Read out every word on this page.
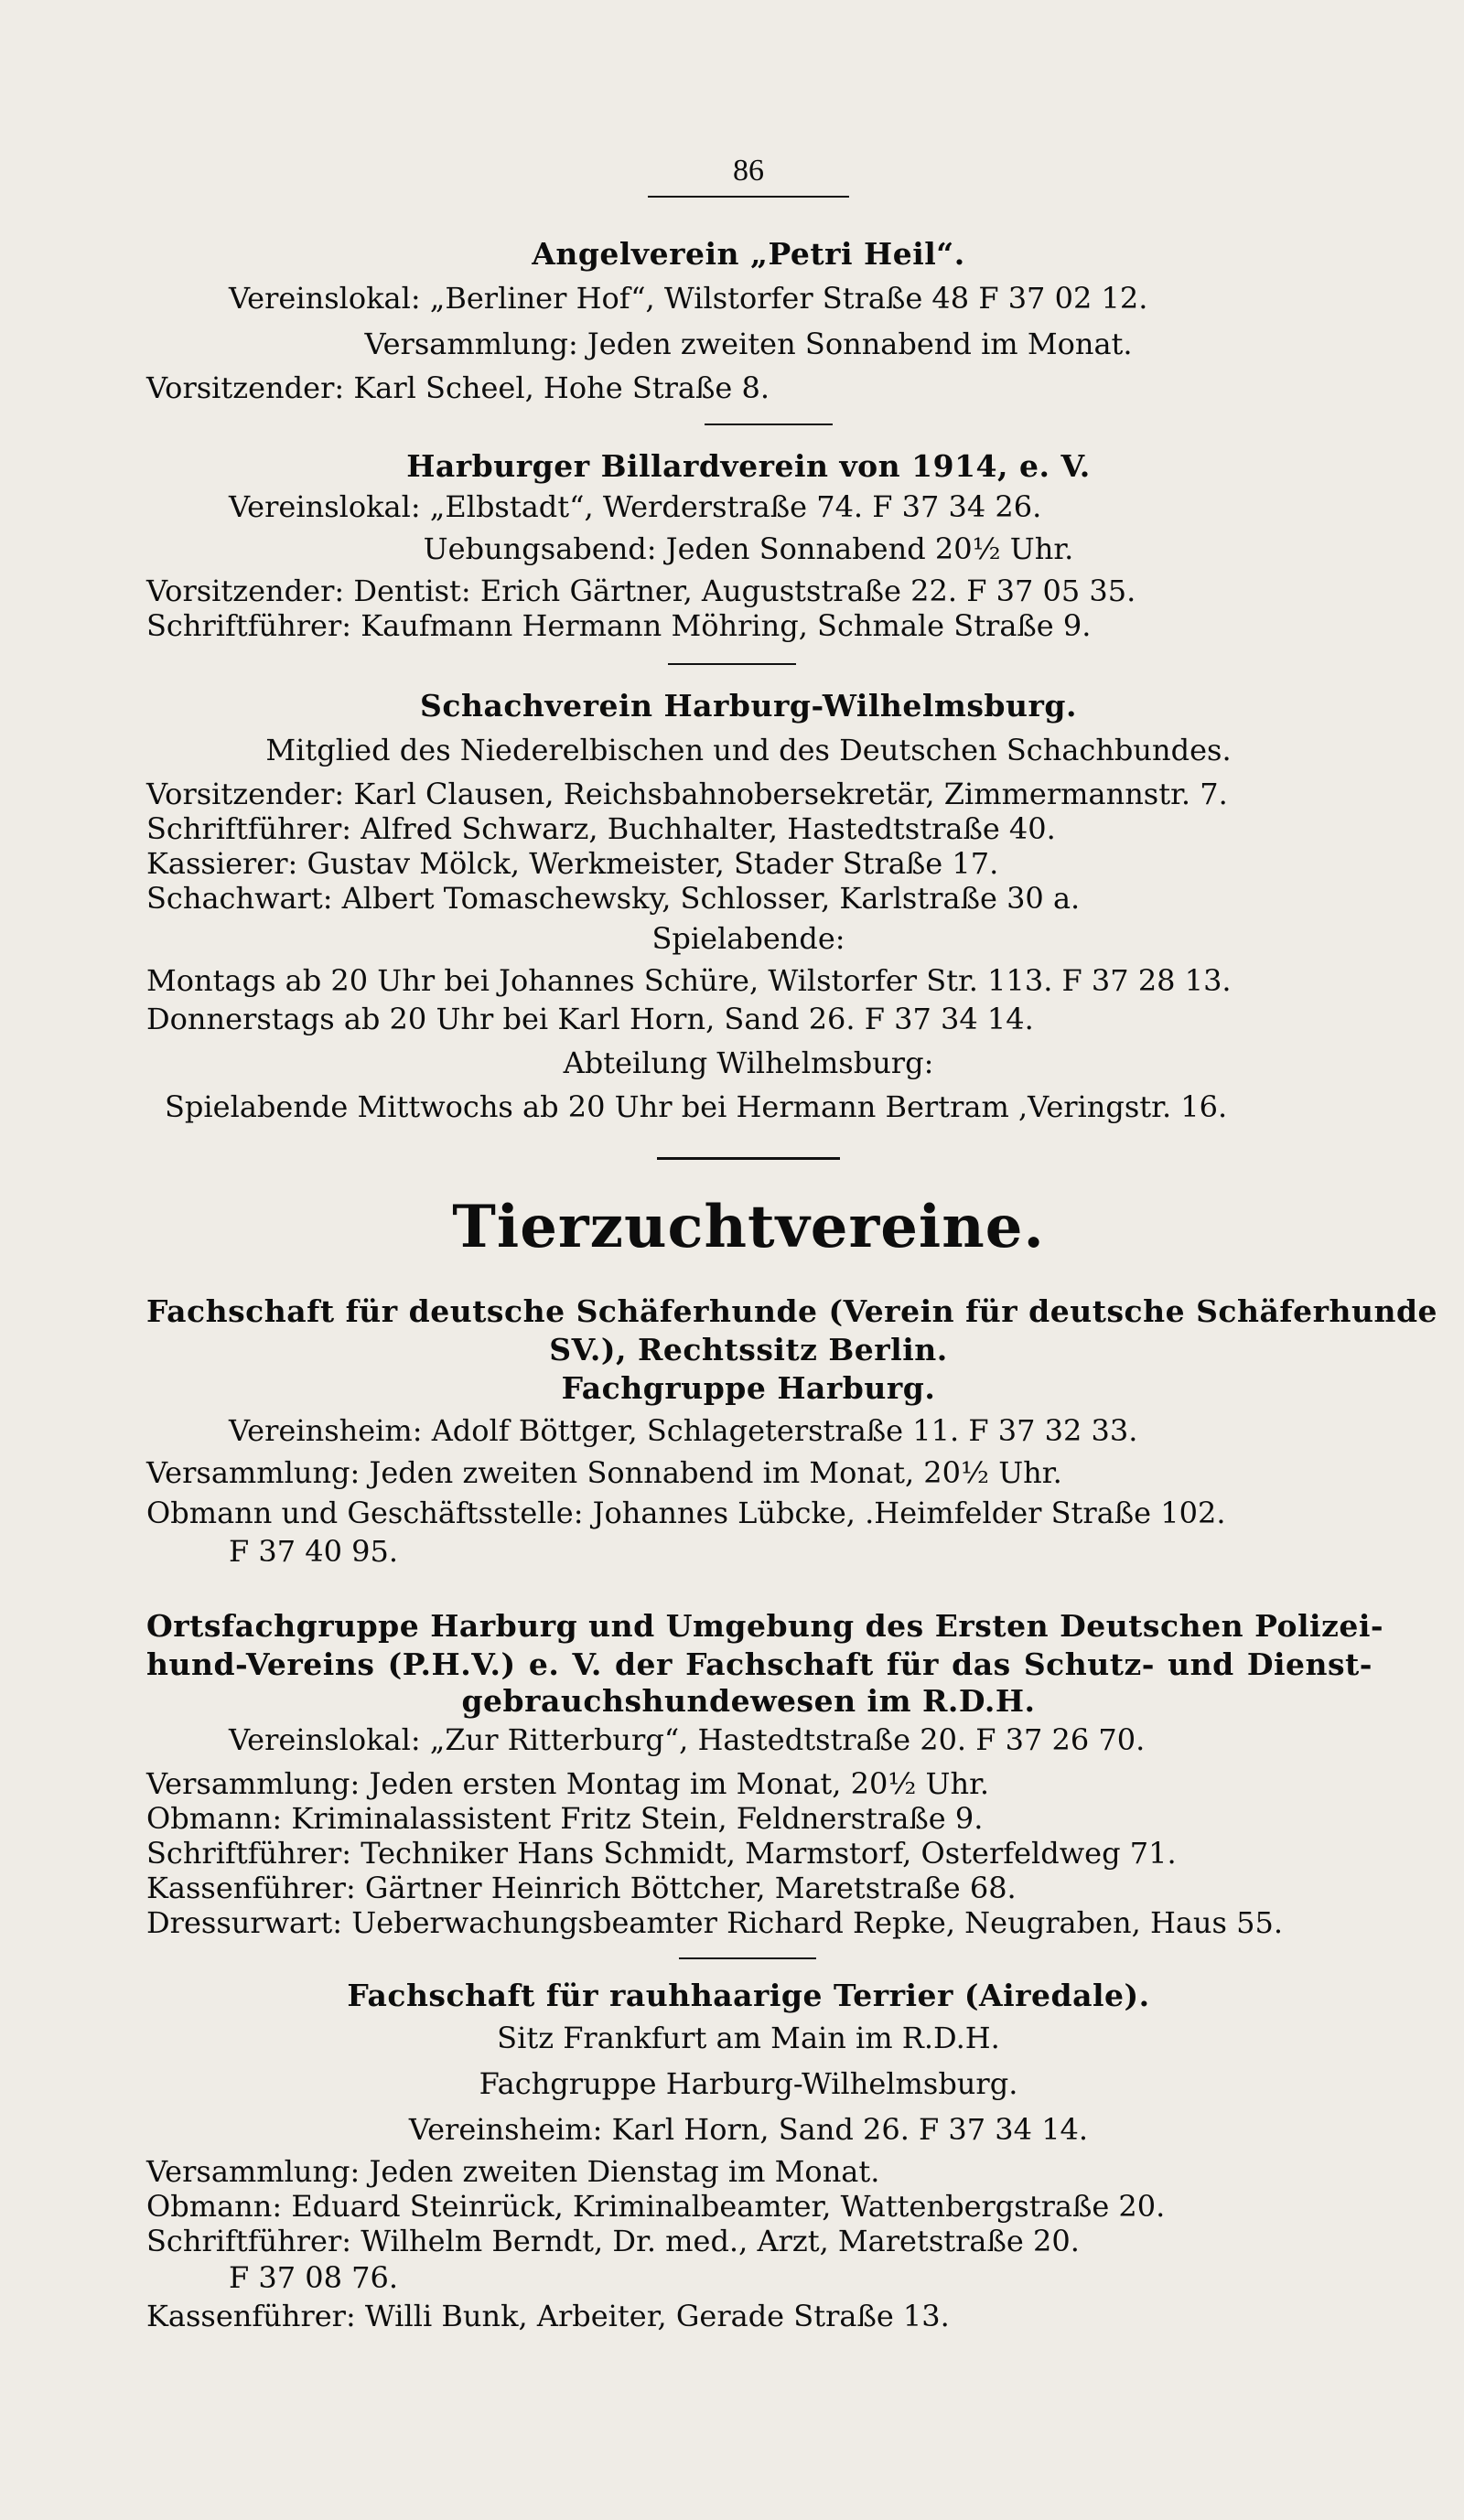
86
Angelverein „Petri Heil“.
Vereinslokal: „Berliner Hof“, Wilstorfer Straße 48 F 37 02 12.
Versammlung: Jeden zweiten Sonnabend im Monat.
Vorsitzender: Karl Scheel, Hohe Straße 8.
Harburger Billardverein von 1914, e. V.
Vereinslokal: „Elbstadt“, Werderstraße 74. F 37 34 26.
Uebungsabend: Jeden Sonnabend 20½ Uhr.
Vorsitzender: Dentist: Erich Gärtner, Auguststraße 22. F 37 05 35.
Schriftführer: Kaufmann Hermann Möhring, Schmale Straße 9.
Schachverein Harburg-Wilhelmsburg.
Mitglied des Niederelbischen und des Deutschen Schachbundes.
Vorsitzender: Karl Clausen, Reichsbahnobersekretär, Zimmermannstr. 7.
Schriftführer: Alfred Schwarz, Buchhalter, Hastedtstraße 40.
Kassierer: Gustav Mölck, Werkmeister, Stader Straße 17.
Schachwart: Albert Tomaschewsky, Schlosser, Karlstraße 30 a.
Spielabende:
Montags ab 20 Uhr bei Johannes Schüre, Wilstorfer Str. 113. F 37 28 13.
Donnerstags ab 20 Uhr bei Karl Horn, Sand 26. F 37 34 14.
Abteilung Wilhelmsburg:
Spielabende Mittwochs ab 20 Uhr bei Hermann Bertram ,Veringstr. 16.
Tierzuchtvereine.
Fachschaft für deutsche Schäferhunde (Verein für deutsche Schäferhunde
SV.), Rechtssitz Berlin.
Fachgruppe Harburg.
Vereinsheim: Adolf Böttger, Schlageterstraße 11. F 37 32 33.
Versammlung: Jeden zweiten Sonnabend im Monat, 20½ Uhr.
Obmann und Geschäftsstelle: Johannes Lübcke, .Heimfelder Straße 102.
F 37 40 95.
Ortsfachgruppe Harburg und Umgebung des Ersten Deutschen Polizei-
hund-Vereins (P.H.V.) e. V. der Fachschaft für das Schutz- und Dienst-
gebrauchshundewesen im R.D.H.
Vereinslokal: „Zur Ritterburg“, Hastedtstraße 20. F 37 26 70.
Versammlung: Jeden ersten Montag im Monat, 20½ Uhr.
Obmann: Kriminalassistent Fritz Stein, Feldnerstraße 9.
Schriftführer: Techniker Hans Schmidt, Marmstorf, Osterfeldweg 71.
Kassenführer: Gärtner Heinrich Böttcher, Maretstraße 68.
Dressurwart: Ueberwachungsbeamter Richard Repke, Neugraben, Haus 55.
Fachschaft für rauhhaarige Terrier (Airedale).
Sitz Frankfurt am Main im R.D.H.
Fachgruppe Harburg-Wilhelmsburg.
Vereinsheim: Karl Horn, Sand 26. F 37 34 14.
Versammlung: Jeden zweiten Dienstag im Monat.
Obmann: Eduard Steinrück, Kriminalbeamter, Wattenbergstraße 20.
Schriftführer: Wilhelm Berndt, Dr. med., Arzt, Maretstraße 20.
F 37 08 76.
Kassenführer: Willi Bunk, Arbeiter, Gerade Straße 13.
